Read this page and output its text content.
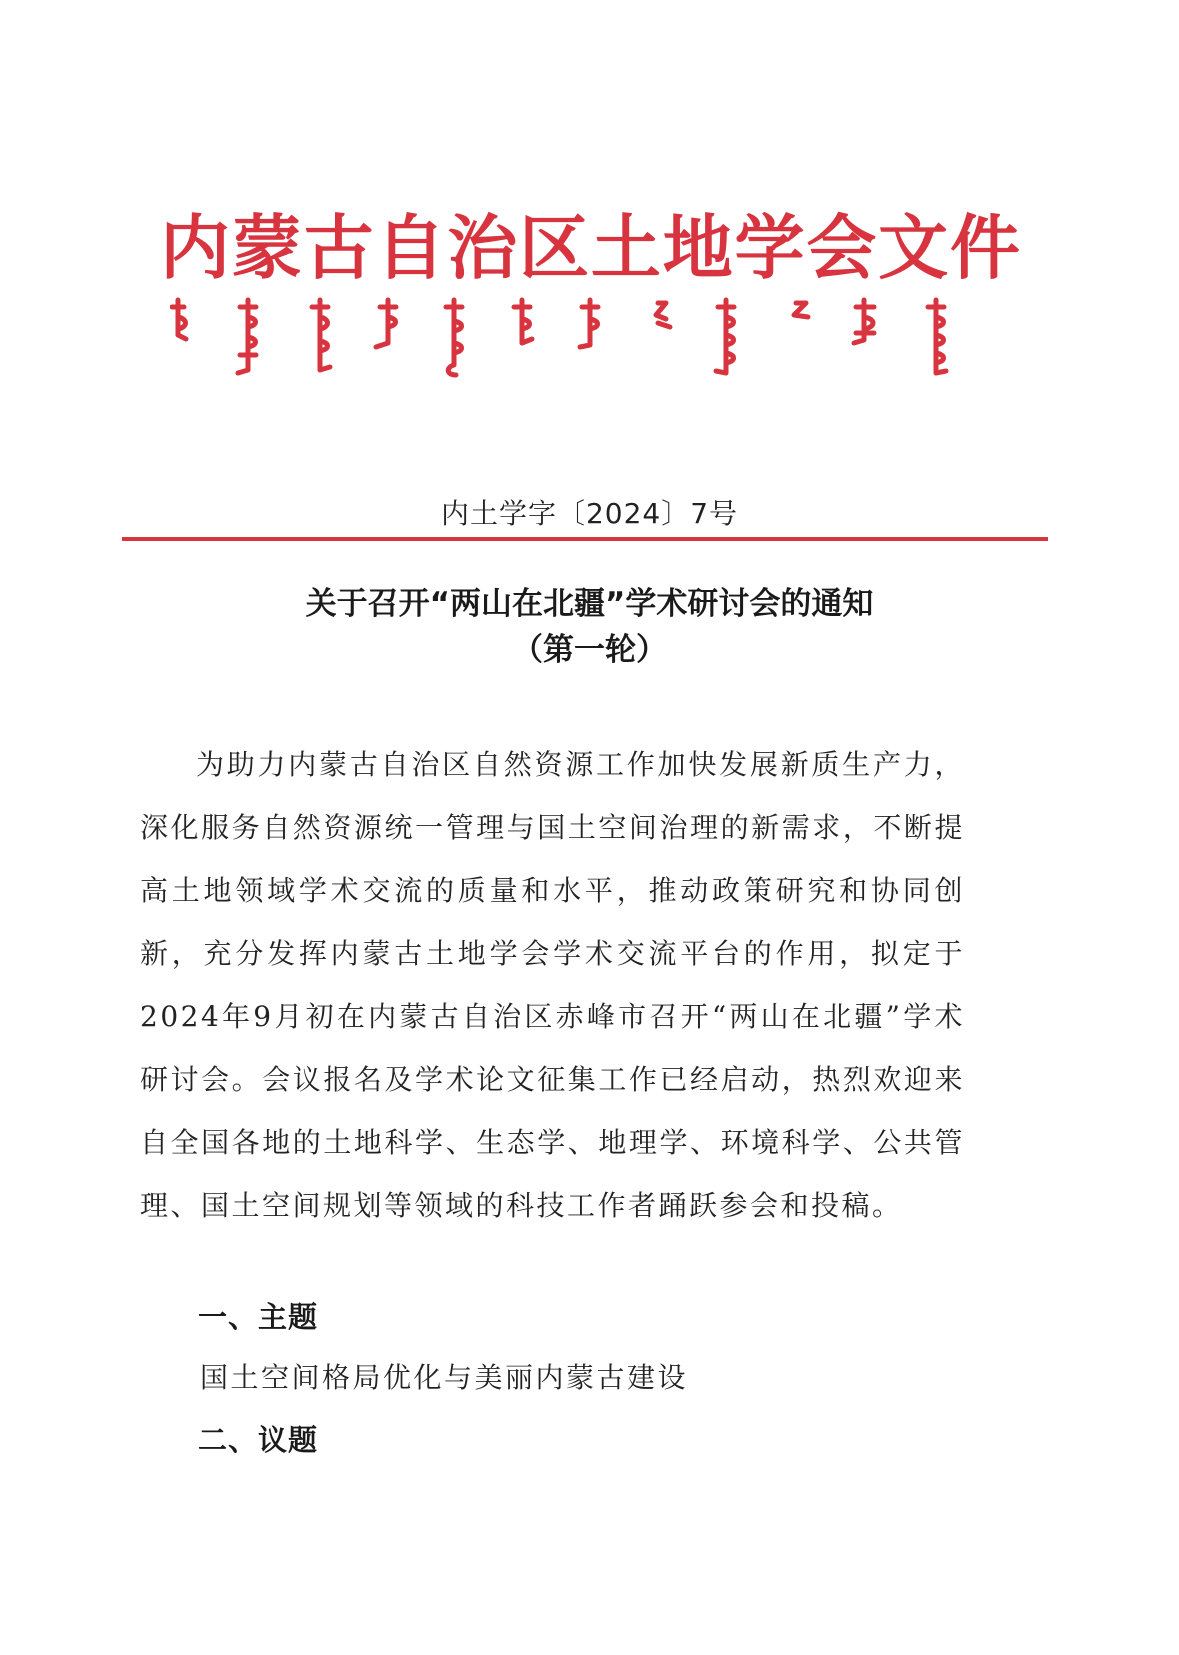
内 蒙 古 自 治 区 土 地 学 会 文 件
内土学字〔2024〕7号
关于召开“两山在北疆”学术研讨会的通知
（第一轮）

为助力内蒙古自治区自然资源工作加快发展新质生产力，深化服务自然资源统一管理与国土空间治理的新需求，不断提高土地领域学术交流的质量和水平，推动政策研究和协同创新，充分发挥内蒙古土地学会学术交流平台的作用，拟定于2024年9月初在内蒙古自治区赤峰市召开“两山在北疆”学术研讨会。会议报名及学术论文征集工作已经启动，热烈欢迎来自全国各地的土地科学、生态学、地理学、环境科学、公共管理、国土空间规划等领域的科技工作者踊跃参会和投稿。

一、主题
国土空间格局优化与美丽内蒙古建设
二、议题
